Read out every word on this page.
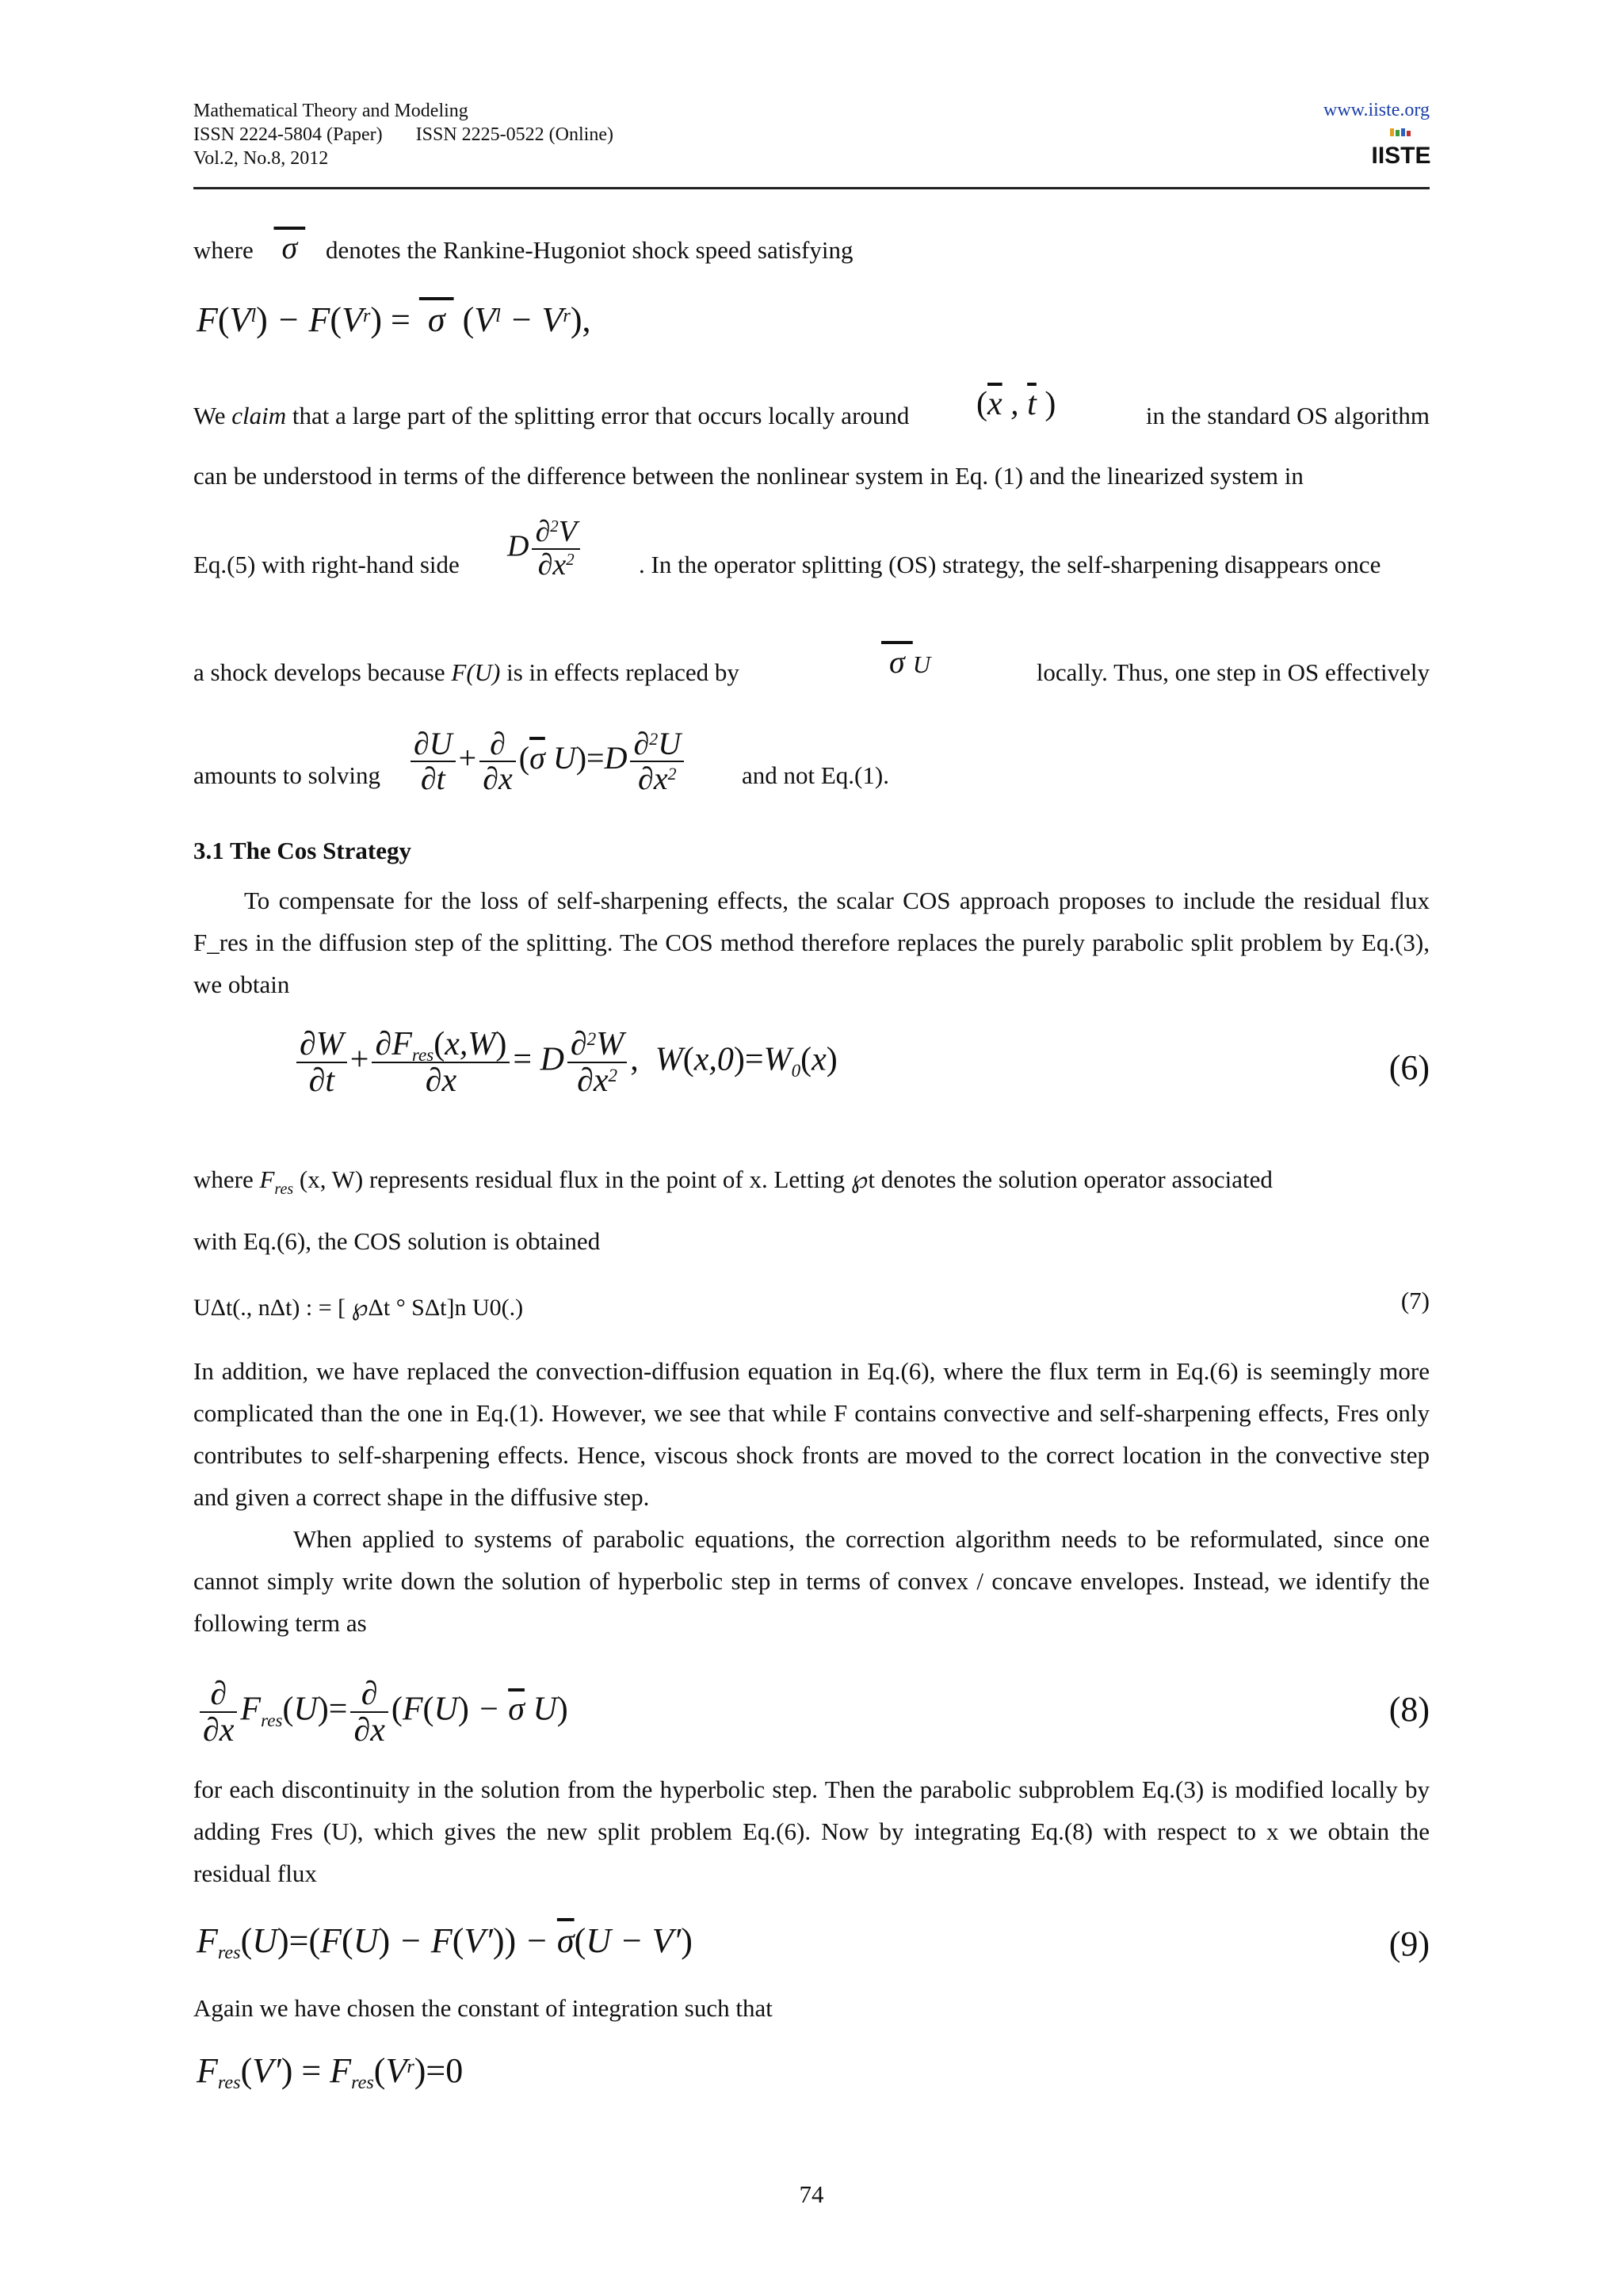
Mathematical Theory and Modeling
ISSN 2224-5804 (Paper) ISSN 2225-0522 (Online)
Vol.2, No.8, 2012
www.iiste.org
IISTE
where  σ  denotes the Rankine-Hugoniot shock speed satisfying
$F(V^l) - F(V^r) = \sigma$  $(V^l - V^r)$,
We claim that a large part of the splitting error that occurs locally around	($\overline{x}$ , $\overline{t}$ )	in the standard OS algorithm
can be understood in terms of the difference between the nonlinear system in Eq. (1) and the linearized system in
Eq.(5) with right-hand side
D $\frac{\partial^2V}{\partial x^2}$ . In the operator splitting (OS) strategy, the self-sharpening disappears once
a shock develops because F(U) is in effects replaced by	σ U	locally. Thus, one step in OS effectively
amounts to solving $\frac{\partial U}{\partial t} + \frac{\partial}{\partial x} (\overline{\sigma}$ $U)=D \frac{\partial^2U}{\partial x^2}$ and not Eq.(1).
3.1 The Cos Strategy
To compensate for the loss of self-sharpening effects, the scalar COS approach proposes to include the residual flux F_res in the diffusion step of the splitting. The COS method therefore replaces the purely parabolic split problem by Eq.(3), we obtain
$\frac{\partial W}{\partial t} + \frac{\text{∂Fres(x,W)}}{\partial x} = D \frac{\partial^2W}{\partial x^2}$ ,  W(x,0)=W0(x)	(6)
where $F_{res}$ (x, W) represents residual flux in the point of x. Letting ℘t denotes the solution operator associated
with Eq.(6), the COS solution is obtained
UΔt(., nΔt) : = [ ℘Δt ° SΔt]n U0(.)	(7)
In addition, we have replaced the convection-diffusion equation in Eq.(6), where the flux term in Eq.(6) is seemingly more complicated than the one in Eq.(1). However, we see that while F contains convective and self-sharpening effects, Fres only contributes to self-sharpening effects. Hence, viscous shock fronts are moved to the correct location in the convective step and given a correct shape in the diffusive step.
When applied to systems of parabolic equations, the correction algorithm needs to be reformulated, since one cannot simply write down the solution of hyperbolic step in terms of convex / concave envelopes. Instead, we identify the following term as
$\frac{\partial}{\partial x}$ Fres(U)= $\frac{\partial}{\partial x} (F(U) - \overline{\sigma}$ U)	(8)
for each discontinuity in the solution from the hyperbolic step. Then the parabolic subproblem Eq.(3) is modified locally by adding Fres (U), which gives the new split problem Eq.(6). Now by integrating Eq.(8) with respect to x we obtain the residual flux
Fres(U)=(F(U) − $F(V')) - \overline{\sigma}(U - V')$	(9)
Again we have chosen the constant of integration such that
Fres(V′) = $Fres(V^r)=0$
74
